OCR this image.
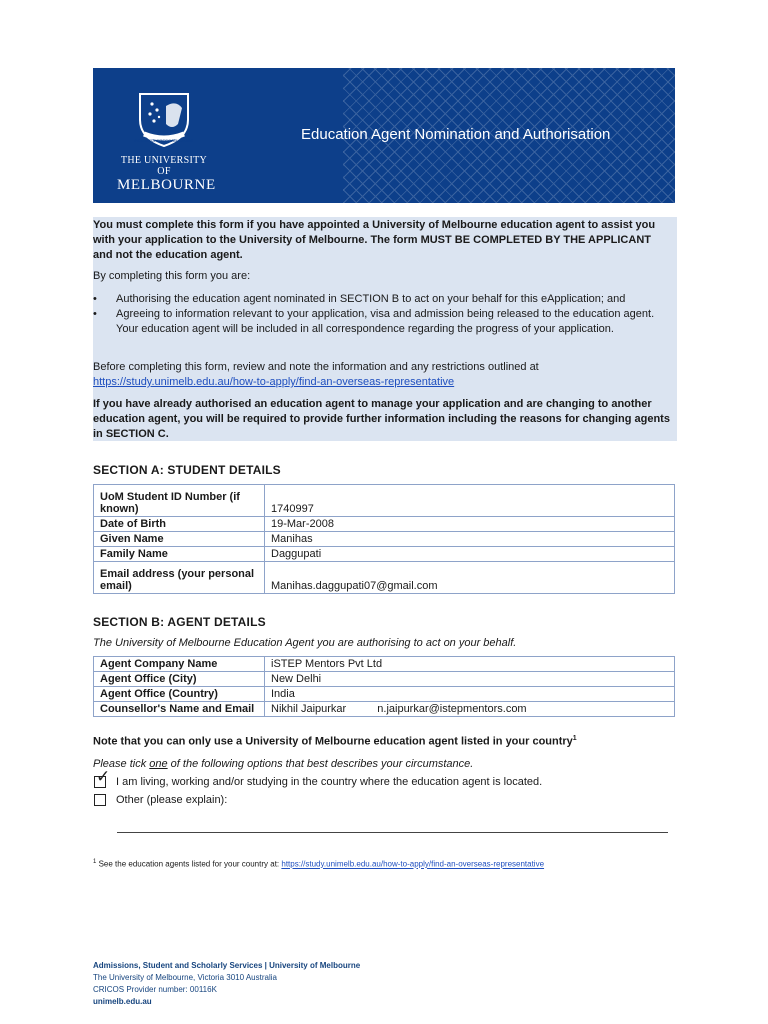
POSTERA CRESCAM LAUDE
THE UNIVERSITY OF
MELBOURNE
Education Agent Nomination and Authorisation

You must complete this form if you have appointed a University of Melbourne education agent to assist you with your application to the University of Melbourne. The form MUST BE COMPLETED BY THE APPLICANT and not the education agent.

By completing this form you are:

• Authorising the education agent nominated in SECTION B to act on your behalf for this eApplication; and
• Agreeing to information relevant to your application, visa and admission being released to the education agent. Your education agent will be included in all correspondence regarding the progress of your application.

Before completing this form, review and note the information and any restrictions outlined at
https://study.unimelb.edu.au/how-to-apply/find-an-overseas-representative

If you have already authorised an education agent to manage your application and are changing to another education agent, you will be required to provide further information including the reasons for changing agents in SECTION C.

SECTION A: STUDENT DETAILS
UoM Student ID Number (if known)	1740997
Date of Birth	19-Mar-2008
Given Name	Manihas
Family Name	Daggupati
Email address (your personal email)	Manihas.daggupati07@gmail.com
SECTION B: AGENT DETAILS
The University of Melbourne Education Agent you are authorising to act on your behalf.
Agent Company Name	iSTEP Mentors Pvt Ltd
Agent Office (City)	New Delhi
Agent Office (Country)	India
Counsellor's Name and Email	Nikhil Jaipurkar n.jaipurkar@istepmentors.com
Note that you can only use a University of Melbourne education agent listed in your country$^1$
Please tick one of the following options that best describes your circumstance.
✓ I am living, working and/or studying in the country where the education agent is located.
Other (please explain):
$^1$ See the education agents listed for your country at: https://study.unimelb.edu.au/how-to-apply/find-an-overseas-representative
Admissions, Student and Scholarly Services | University of Melbourne
The University of Melbourne, Victoria 3010 Australia
CRICOS Provider number: 00116K
unimelb.edu.au
